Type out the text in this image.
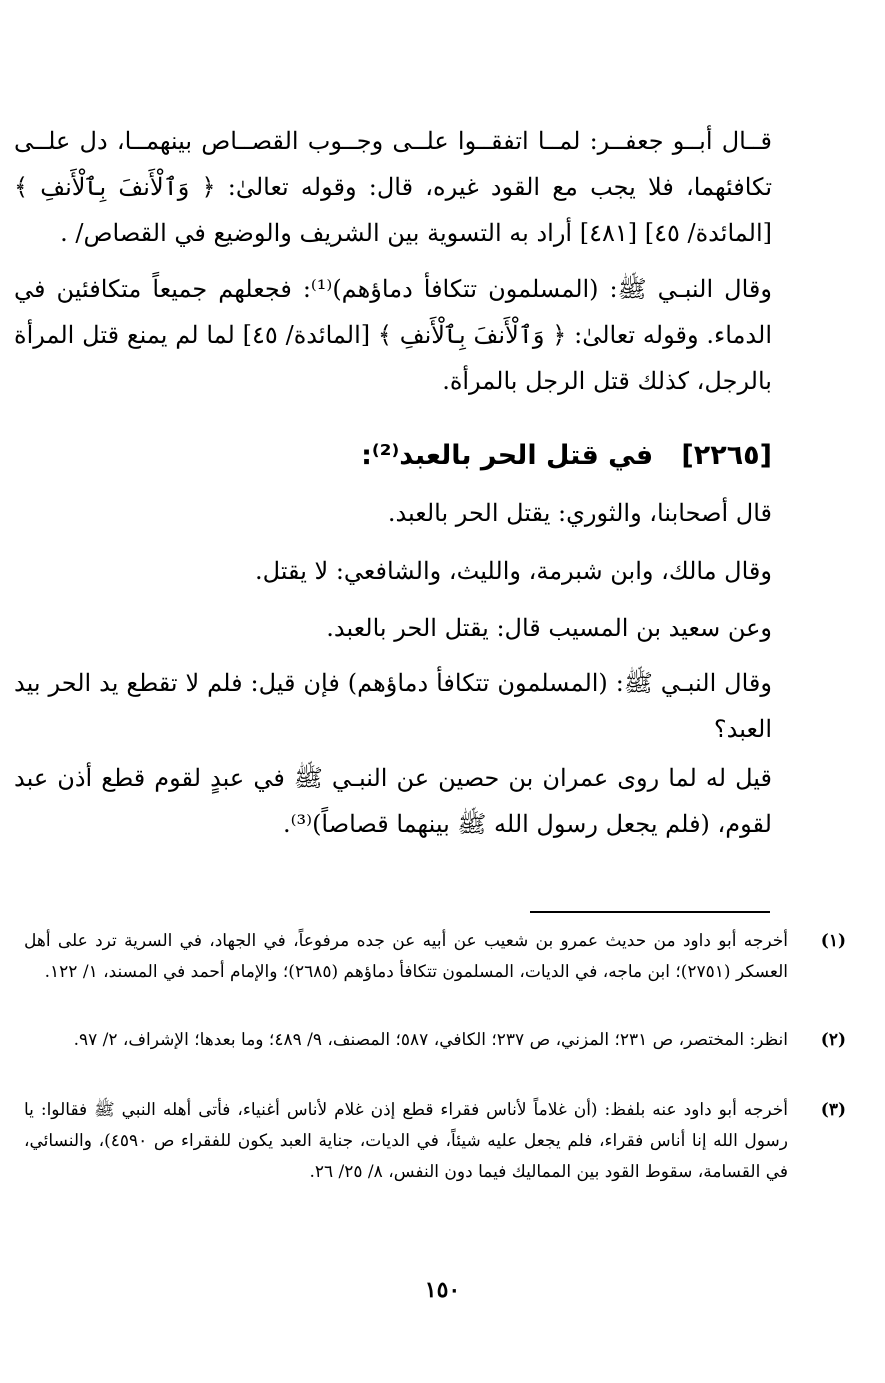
قــال أبــو جعفــر: لمــا اتفقــوا علــى وجــوب القصــاص بينهمــا، دل علــى تكافئهما، فلا يجب مع القود غيره، قال: وقوله تعالىٰ: ﴿ وَٱلْأَنفَ بِٱلْأَنفِ ﴾ [المائدة/ ٤٥] [٤٨١] أراد به التسوية بين الشريف والوضيع في القصاص/ .

وقال النبـي ﷺ: (المسلمون تتكافأ دماؤهم)⁽¹⁾: فجعلهم جميعاً متكافئين في الدماء. وقوله تعالىٰ: ﴿ وَٱلْأَنفَ بِٱلْأَنفِ ﴾ [المائدة/ ٤٥] لما لم يمنع قتل المرأة بالرجل، كذلك قتل الرجل بالمرأة.

[٢٢٦٥]   في قتل الحر بالعبد⁽²⁾:

قال أصحابنا، والثوري: يقتل الحر بالعبد.

وقال مالك، وابن شبرمة، والليث، والشافعي: لا يقتل.

وعن سعيد بن المسيب قال: يقتل الحر بالعبد.

وقال النبـي ﷺ: (المسلمون تتكافأ دماؤهم) فإن قيل: فلم لا تقطع يد الحر بيد العبد؟

قيل له لما روى عمران بن حصين عن النبـي ﷺ في عبدٍ لقوم قطع أذن عبد لقوم، (فلم يجعل رسول الله ﷺ بينهما قصاصاً)⁽³⁾.

(١)
أخرجه أبو داود من حديث عمرو بن شعيب عن أبيه عن جده مرفوعاً، في الجهاد، في السرية ترد على أهل العسكر (٢٧٥١)؛ ابن ماجه، في الديات، المسلمون تتكافأ دماؤهم (٢٦٨٥)؛ والإمام أحمد في المسند، ١/ ١٢٢.
(٢)
انظر: المختصر، ص ٢٣١؛ المزني، ص ٢٣٧؛ الكافي، ٥٨٧؛ المصنف، ٩/ ٤٨٩؛ وما بعدها؛ الإشراف، ٢/ ٩٧.
(٣)
أخرجه أبو داود عنه بلفظ: (أن غلاماً لأناس فقراء قطع إذن غلام لأناس أغنياء، فأتى أهله النبي ﷺ فقالوا: يا رسول الله إنا أناس فقراء، فلم يجعل عليه شيئاً، في الديات، جناية العبد يكون للفقراء ص ٤٥٩٠)، والنسائي، في القسامة، سقوط القود بين المماليك فيما دون النفس، ٨/ ٢٥/ ٢٦.
١٥٠
